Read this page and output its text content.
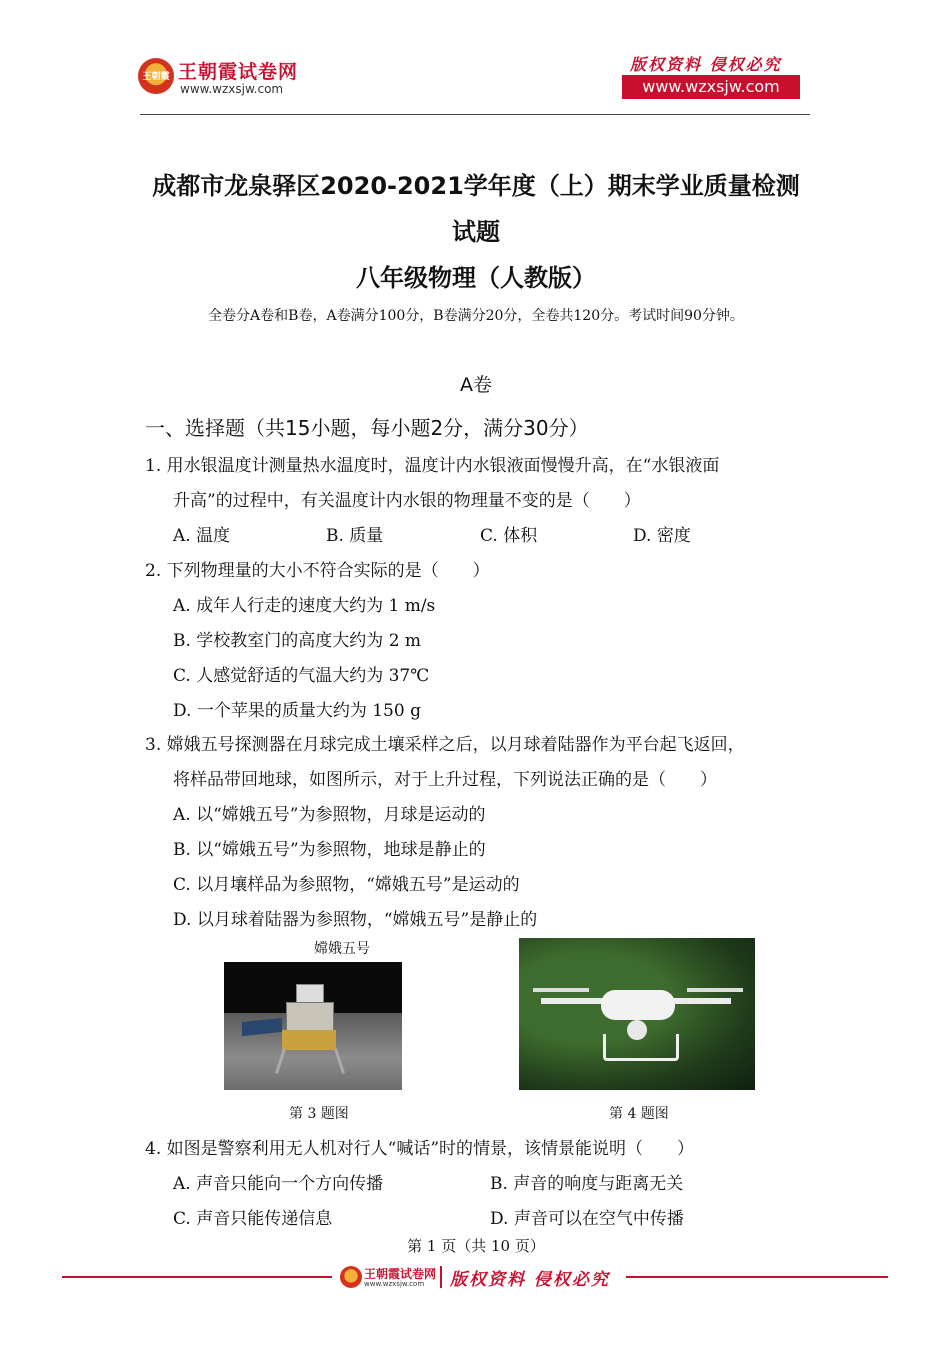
王朝霞 王朝霞试卷网
www.wzxsjw.com
版权资料 侵权必究
www.wzxsjw.com
成都市龙泉驿区2020-2021学年度（上）期末学业质量检测
试题
八年级物理（人教版）
全卷分A卷和B卷，A卷满分100分，B卷满分20分，全卷共120分。考试时间90分钟。
A卷
一、选择题（共15小题，每小题2分，满分30分）
1. 用水银温度计测量热水温度时，温度计内水银液面慢慢升高，在“水银液面
升高”的过程中，有关温度计内水银的物理量不变的是（　　）
A. 温度	B. 质量	C. 体积	D. 密度
2. 下列物理量的大小不符合实际的是（　　）
A. 成年人行走的速度大约为 1 m/s
B. 学校教室门的高度大约为 2 m
C. 人感觉舒适的气温大约为 37℃
D. 一个苹果的质量大约为 150 g
3. 嫦娥五号探测器在月球完成土壤采样之后，以月球着陆器作为平台起飞返回，
将样品带回地球，如图所示，对于上升过程，下列说法正确的是（　　）
A. 以“嫦娥五号”为参照物，月球是运动的
B. 以“嫦娥五号”为参照物，地球是静止的
C. 以月壤样品为参照物，“嫦娥五号”是运动的
D. 以月球着陆器为参照物，“嫦娥五号”是静止的
嫦娥五号
第 3 题图	第 4 题图
4. 如图是警察利用无人机对行人“喊话”时的情景，该情景能说明（　　）
A. 声音只能向一个方向传播	B. 声音的响度与距离无关
C. 声音只能传递信息	D. 声音可以在空气中传播
第 1 页（共 10 页）
王朝霞试卷网
www.wzxsjw.com 版权资料 侵权必究
